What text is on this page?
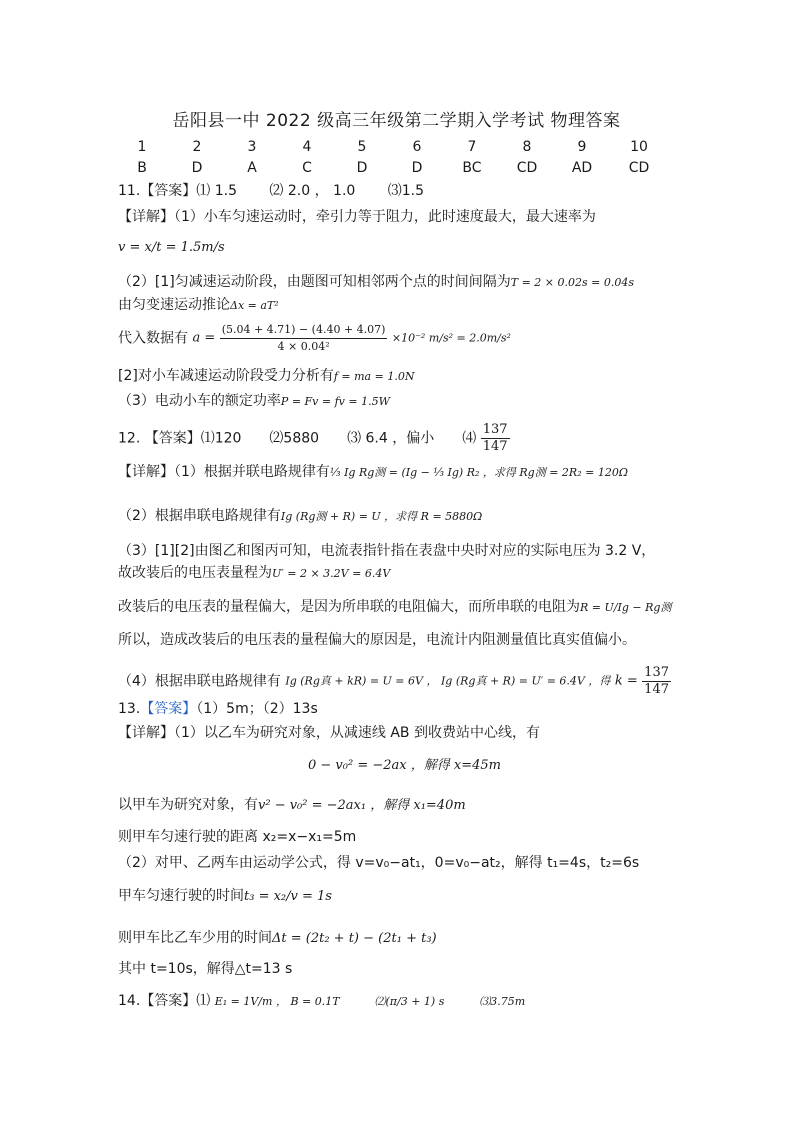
岳阳县一中 2022 级高三年级第二学期入学考试 物理答案
1	2	3	4	5	6	7	8	9	10
B	D	A	C	D	D	BC	CD	AD	CD
11.【答案】⑴ 1.5　　 ⑵ 2.0 ， 1.0　　 ⑶1.5
【详解】（1）小车匀速运动时，牵引力等于阻力，此时速度最大，最大速率为
v = x/t = 1.5m/s
（2）[1]匀减速运动阶段，由题图可知相邻两个点的时间间隔为T = 2 × 0.02s = 0.04s
由匀变速运动推论Δx = aT²
代入数据有 $a = \frac{(5.04 + 4.71) - (4.40 + 4.07)}{\text{4 × 0.04²}} \times 10^{-2}$ m/s² = 2.0m/s²
[2]对小车减速运动阶段受力分析有f = ma = 1.0N
（3）电动小车的额定功率P = Fv = fv = 1.5W
12. 【答案】⑴120　　⑵5880　　⑶ 6.4 ，偏小　　⑷ $\frac{137}{147}$
【详解】（1）根据并联电路规律有⅓ Ig Rg测 = (Ig − ⅓ Ig) R₂ ，求得 Rg测 = 2R₂ = 120Ω
（2）根据串联电路规律有Ig (Rg测 + R) = U ，求得 R = 5880Ω
（3）[1][2]由图乙和图丙可知，电流表指针指在表盘中央时对应的实际电压为 3.2 V，
故改装后的电压表量程为U′ = 2 × 3.2V = 6.4V
改装后的电压表的量程偏大，是因为所串联的电阻偏大，而所串联的电阻为R = U/Ig − Rg测
所以，造成改装后的电压表的量程偏大的原因是，电流计内阻测量值比真实值偏小。
（4）根据串联电路规律有 Ig (Rg真 + kR) = U = 6V ， Ig (Rg真 + R) = U′ = 6.4V ，得 $k = \frac{137}{147}$
13.【答案】（1）5m；（2）13s
【详解】（1）以乙车为研究对象，从减速线 AB 到收费站中心线，有
0 − v₀² = −2ax ，解得 x=45m
以甲车为研究对象，有v² − v₀² = −2ax₁ ，解得 x₁=40m
则甲车匀速行驶的距离 x₂=x−x₁=5m
（2）对甲、乙两车由运动学公式，得 v=v₀−at₁，0=v₀−at₂，解得 t₁=4s，t₂=6s
甲车匀速行驶的时间t₃ = x₂/v = 1s
则甲车比乙车少用的时间Δt = (2t₂ + t) − (2t₁ + t₃)
其中 t=10s，解得△t=13 s
14.【答案】⑴ E₁ = 1V/m ， B = 0.1T	⑵(π/3 + 1) s	⑶3.75m
